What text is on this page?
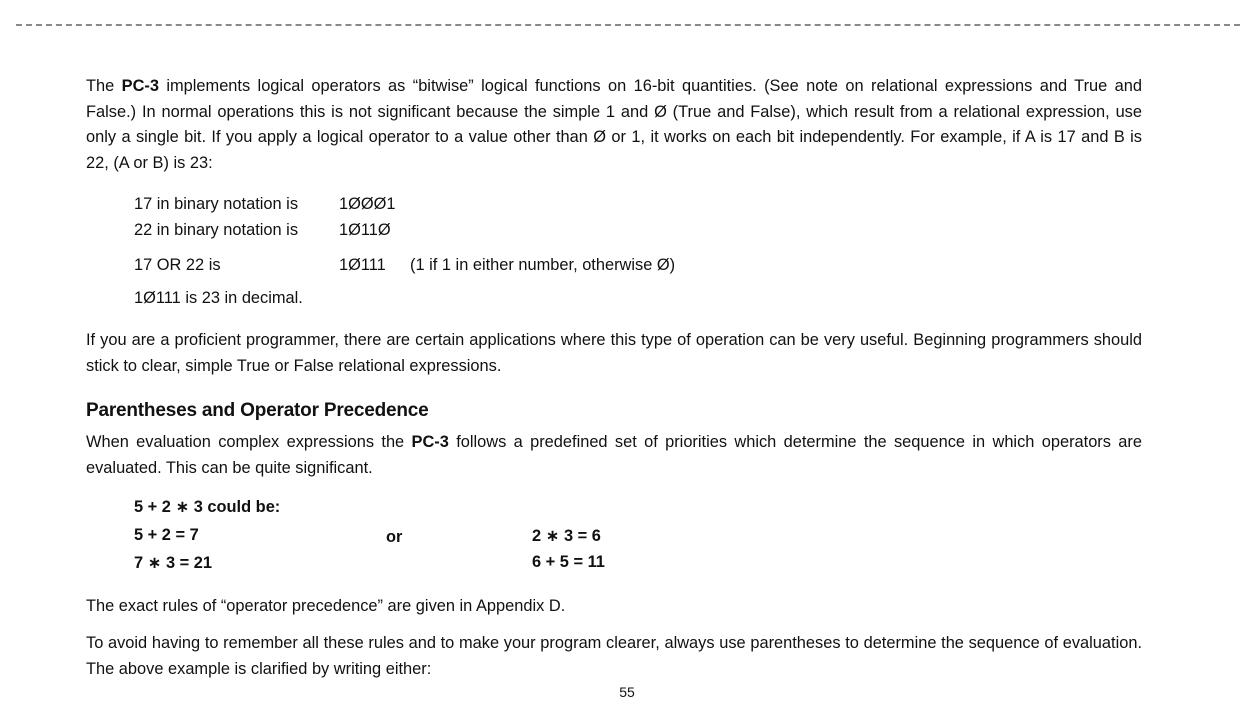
The PC-3 implements logical operators as “bitwise” logical functions on 16-bit quantities. (See note on relational expressions and True and False.) In normal operations this is not significant because the simple 1 and Ø (True and False), which result from a relational expression, use only a single bit. If you apply a logical operator to a value other than Ø or 1, it works on each bit independently. For example, if A is 17 and B is 22, (A or B) is 23:

17 in binary notation is 1ØØØ1
22 in binary notation is 1Ø11Ø
17 OR 22 is	1Ø111 (1 if 1 in either number, otherwise Ø)
1Ø111 is 23 in decimal.

If you are a proficient programmer, there are certain applications where this type of operation can be very useful. Beginning programmers should stick to clear, simple True or False relational expressions.

Parentheses and Operator Precedence

When evaluation complex expressions the PC-3 follows a predefined set of priorities which determine the sequence in which operators are evaluated. This can be quite significant.

5 + 2 ∗ 3 could be:
5 + 2 = 7
7 ∗ 3 = 21
or	2 ∗ 3 = 6
6 + 5 = 11

The exact rules of “operator precedence” are given in Appendix D.

To avoid having to remember all these rules and to make your program clearer, always use parentheses to determine the sequence of evaluation. The above example is clarified by writing either:

55
